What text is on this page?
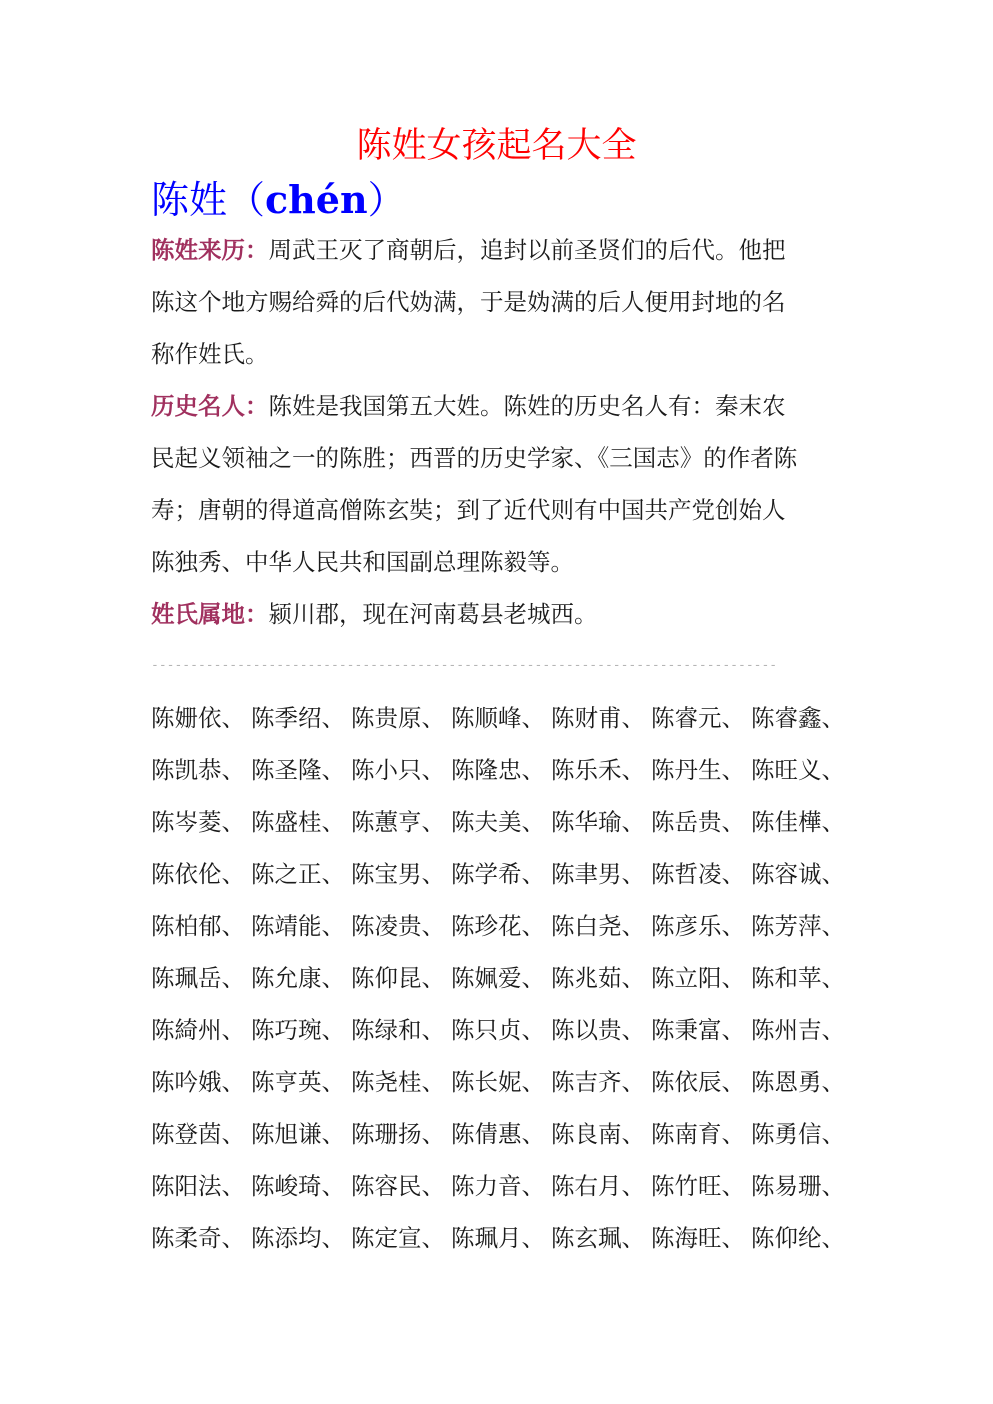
陈姓女孩起名大全
陈姓（chén）
陈姓来历：周武王灭了商朝后，追封以前圣贤们的后代。他把
陈这个地方赐给舜的后代妫满，于是妫满的后人便用封地的名
称作姓氏。
历史名人：陈姓是我国第五大姓。陈姓的历史名人有：秦末农
民起义领袖之一的陈胜；西晋的历史学家、《三国志》的作者陈
寿；唐朝的得道高僧陈玄奘；到了近代则有中国共产党创始人
陈独秀、中华人民共和国副总理陈毅等。
姓氏属地：颍川郡，现在河南葛县老城西。
--------------------------------------------------------------------------------
陈姗依、 陈季绍、 陈贵原、 陈顺峰、 陈财甫、 陈睿元、 陈睿鑫、
陈凯恭、 陈圣隆、 陈小只、 陈隆忠、 陈乐禾、 陈丹生、 陈旺义、
陈岑菱、 陈盛桂、 陈蕙亨、 陈夫美、 陈华瑜、 陈岳贵、 陈佳樺、
陈依伦、 陈之正、 陈宝男、 陈学希、 陈聿男、 陈哲凌、 陈容诚、
陈柏郁、 陈靖能、 陈凌贵、 陈珍花、 陈白尧、 陈彦乐、 陈芳萍、
陈珮岳、 陈允康、 陈仰昆、 陈姵爱、 陈兆茹、 陈立阳、 陈和苹、
陈綺州、 陈巧琬、 陈绿和、 陈只贞、 陈以贵、 陈秉富、 陈州吉、
陈吟娥、 陈亨英、 陈尧桂、 陈长妮、 陈吉齐、 陈依辰、 陈恩勇、
陈登茵、 陈旭谦、 陈珊扬、 陈倩惠、 陈良南、 陈南育、 陈勇信、
陈阳法、 陈峻琦、 陈容民、 陈力音、 陈右月、 陈竹旺、 陈易珊、
陈柔奇、 陈添均、 陈定宣、 陈珮月、 陈玄珮、 陈海旺、 陈仰纶、
